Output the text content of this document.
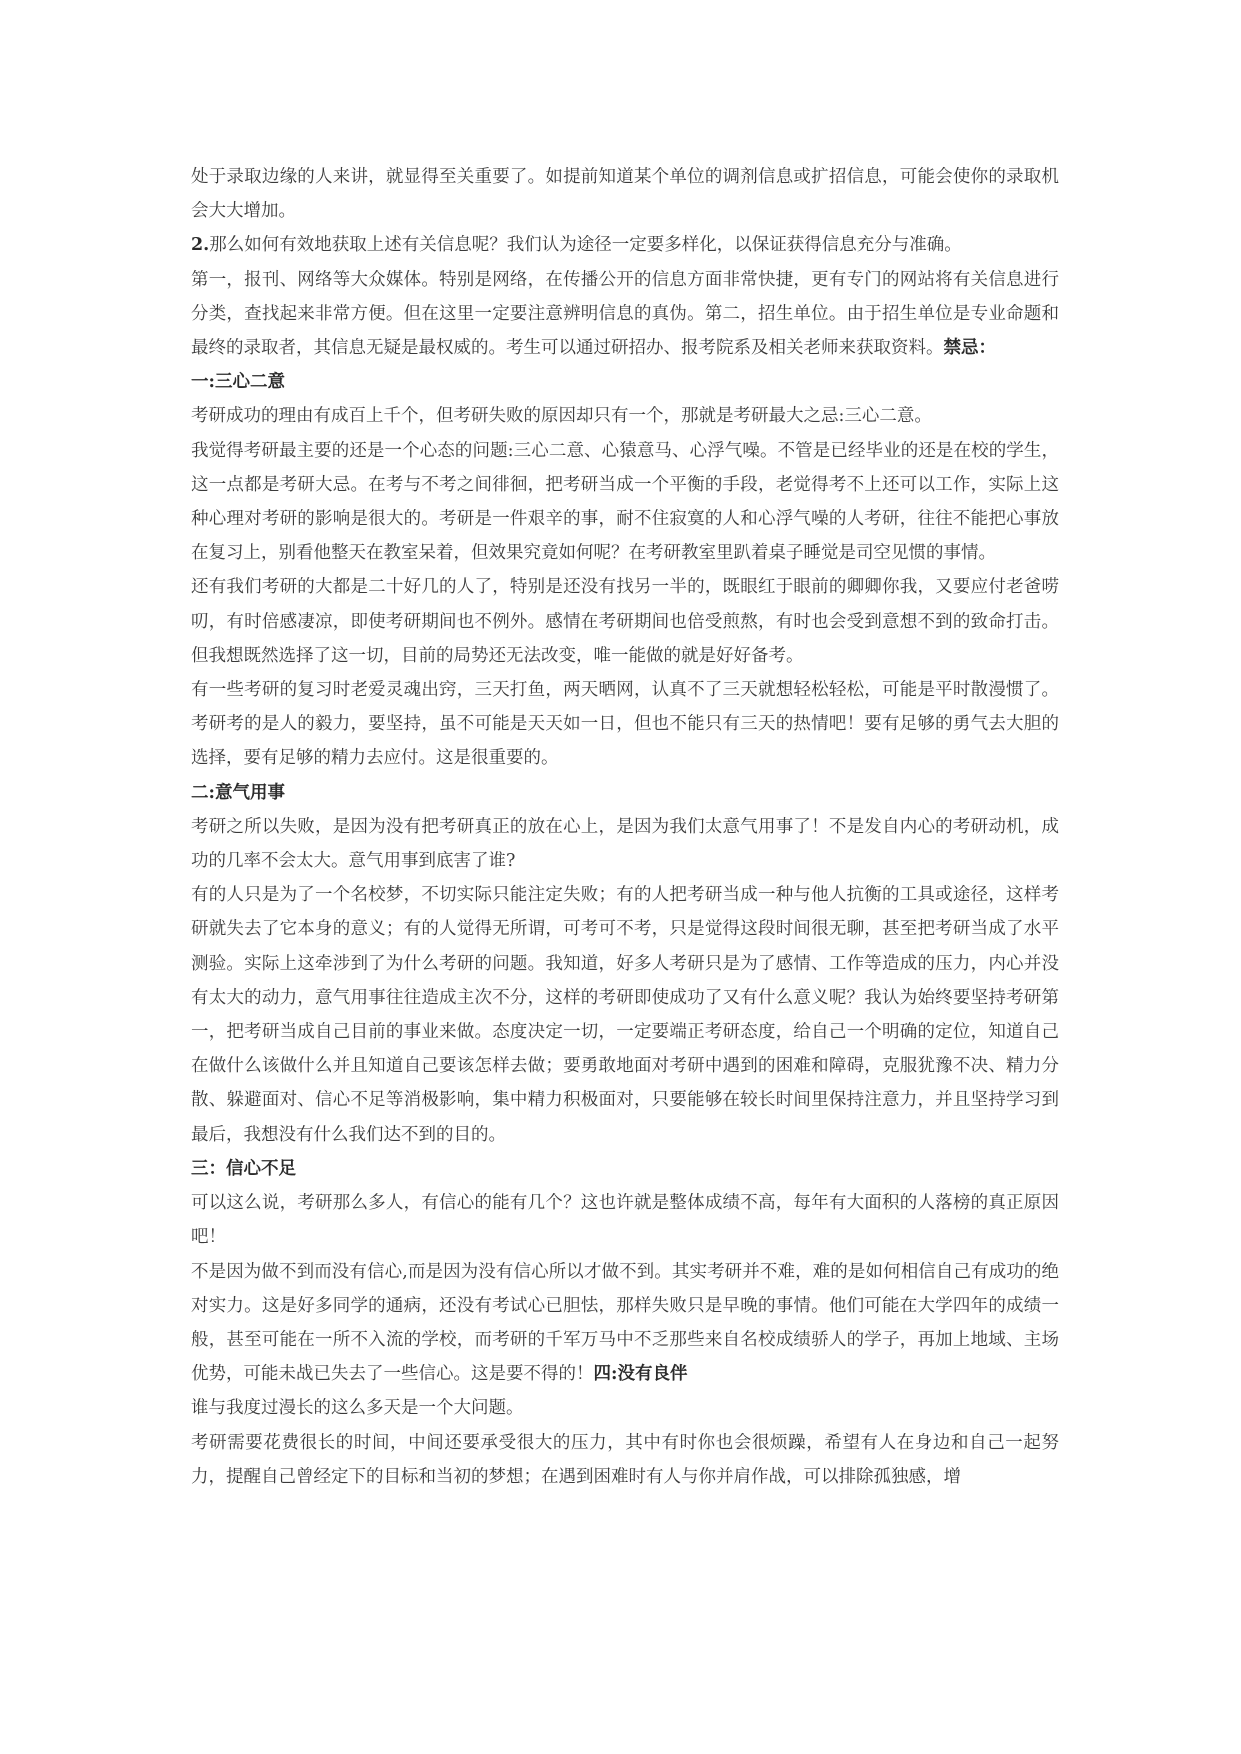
处于录取边缘的人来讲，就显得至关重要了。如提前知道某个单位的调剂信息或扩招信息，可能会使你的录取机会大大增加。

2.那么如何有效地获取上述有关信息呢？我们认为途径一定要多样化，以保证获得信息充分与准确。

第一，报刊、网络等大众媒体。特别是网络，在传播公开的信息方面非常快捷，更有专门的网站将有关信息进行分类，查找起来非常方便。但在这里一定要注意辨明信息的真伪。第二，招生单位。由于招生单位是专业命题和最终的录取者，其信息无疑是最权威的。考生可以通过研招办、报考院系及相关老师来获取资料。禁忌：

一:三心二意

考研成功的理由有成百上千个，但考研失败的原因却只有一个，那就是考研最大之忌:三心二意。

我觉得考研最主要的还是一个心态的问题:三心二意、心猿意马、心浮气噪。不管是已经毕业的还是在校的学生，这一点都是考研大忌。在考与不考之间徘徊，把考研当成一个平衡的手段，老觉得考不上还可以工作，实际上这种心理对考研的影响是很大的。考研是一件艰辛的事，耐不住寂寞的人和心浮气噪的人考研，往往不能把心事放在复习上，别看他整天在教室呆着，但效果究竟如何呢？在考研教室里趴着桌子睡觉是司空见惯的事情。

还有我们考研的大都是二十好几的人了，特别是还没有找另一半的，既眼红于眼前的卿卿你我，又要应付老爸唠叨，有时倍感凄凉，即使考研期间也不例外。感情在考研期间也倍受煎熬，有时也会受到意想不到的致命打击。但我想既然选择了这一切，目前的局势还无法改变，唯一能做的就是好好备考。

有一些考研的复习时老爱灵魂出窍，三天打鱼，两天晒网，认真不了三天就想轻松轻松，可能是平时散漫惯了。考研考的是人的毅力，要坚持，虽不可能是天天如一日，但也不能只有三天的热情吧！要有足够的勇气去大胆的选择，要有足够的精力去应付。这是很重要的。

二:意气用事

考研之所以失败，是因为没有把考研真正的放在心上，是因为我们太意气用事了！不是发自内心的考研动机，成功的几率不会太大。意气用事到底害了谁?

有的人只是为了一个名校梦，不切实际只能注定失败；有的人把考研当成一种与他人抗衡的工具或途径，这样考研就失去了它本身的意义；有的人觉得无所谓，可考可不考，只是觉得这段时间很无聊，甚至把考研当成了水平测验。实际上这牵涉到了为什么考研的问题。我知道，好多人考研只是为了感情、工作等造成的压力，内心并没有太大的动力，意气用事往往造成主次不分，这样的考研即使成功了又有什么意义呢？我认为始终要坚持考研第一，把考研当成自己目前的事业来做。态度决定一切，一定要端正考研态度，给自己一个明确的定位，知道自己在做什么该做什么并且知道自己要该怎样去做；要勇敢地面对考研中遇到的困难和障碍，克服犹豫不决、精力分散、躲避面对、信心不足等消极影响，集中精力积极面对，只要能够在较长时间里保持注意力，并且坚持学习到最后，我想没有什么我们达不到的目的。

三：信心不足

可以这么说，考研那么多人，有信心的能有几个？这也许就是整体成绩不高，每年有大面积的人落榜的真正原因吧！

不是因为做不到而没有信心,而是因为没有信心所以才做不到。其实考研并不难，难的是如何相信自己有成功的绝对实力。这是好多同学的通病，还没有考试心已胆怯，那样失败只是早晚的事情。他们可能在大学四年的成绩一般，甚至可能在一所不入流的学校，而考研的千军万马中不乏那些来自名校成绩骄人的学子，再加上地域、主场优势，可能未战已失去了一些信心。这是要不得的！四:没有良伴

谁与我度过漫长的这么多天是一个大问题。

考研需要花费很长的时间，中间还要承受很大的压力，其中有时你也会很烦躁，希望有人在身边和自己一起努力，提醒自己曾经定下的目标和当初的梦想；在遇到困难时有人与你并肩作战，可以排除孤独感，增
